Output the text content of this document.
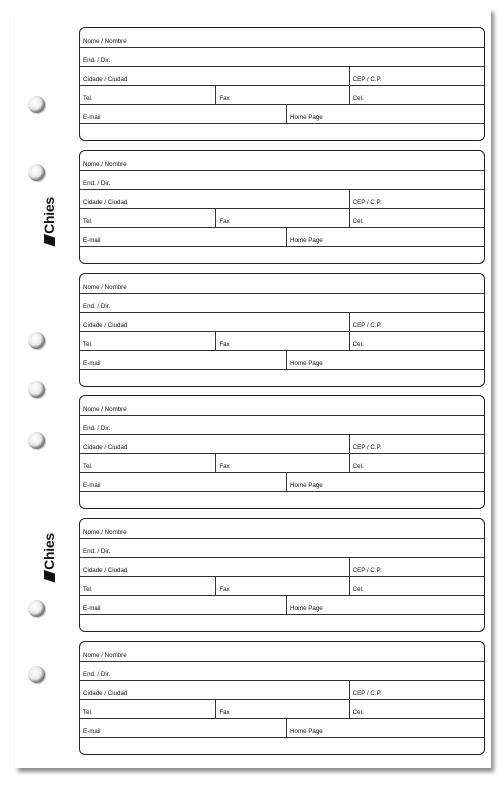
Chies
Chies
Nome / Nombre
End. / Dir.
Cidade / Ciudad	CEP / C.P.
Tel.	Fax	Cel.
E-mail	Home Page
Nome / Nombre
End. / Dir.
Cidade / Ciudad	CEP / C.P.
Tel.	Fax	Cel.
E-mail	Home Page
Nome / Nombre
End. / Dir.
Cidade / Ciudad	CEP / C.P.
Tel.	Fax	Cel.
E-mail	Home Page
Nome / Nombre
End. / Dir.
Cidade / Ciudad	CEP / C.P.
Tel.	Fax	Cel.
E-mail	Home Page
Nome / Nombre
End. / Dir.
Cidade / Ciudad	CEP / C.P.
Tel.	Fax	Cel.
E-mail	Home Page
Nome / Nombre
End. / Dir.
Cidade / Ciudad	CEP / C.P.
Tel.	Fax	Cel.
E-mail	Home Page
